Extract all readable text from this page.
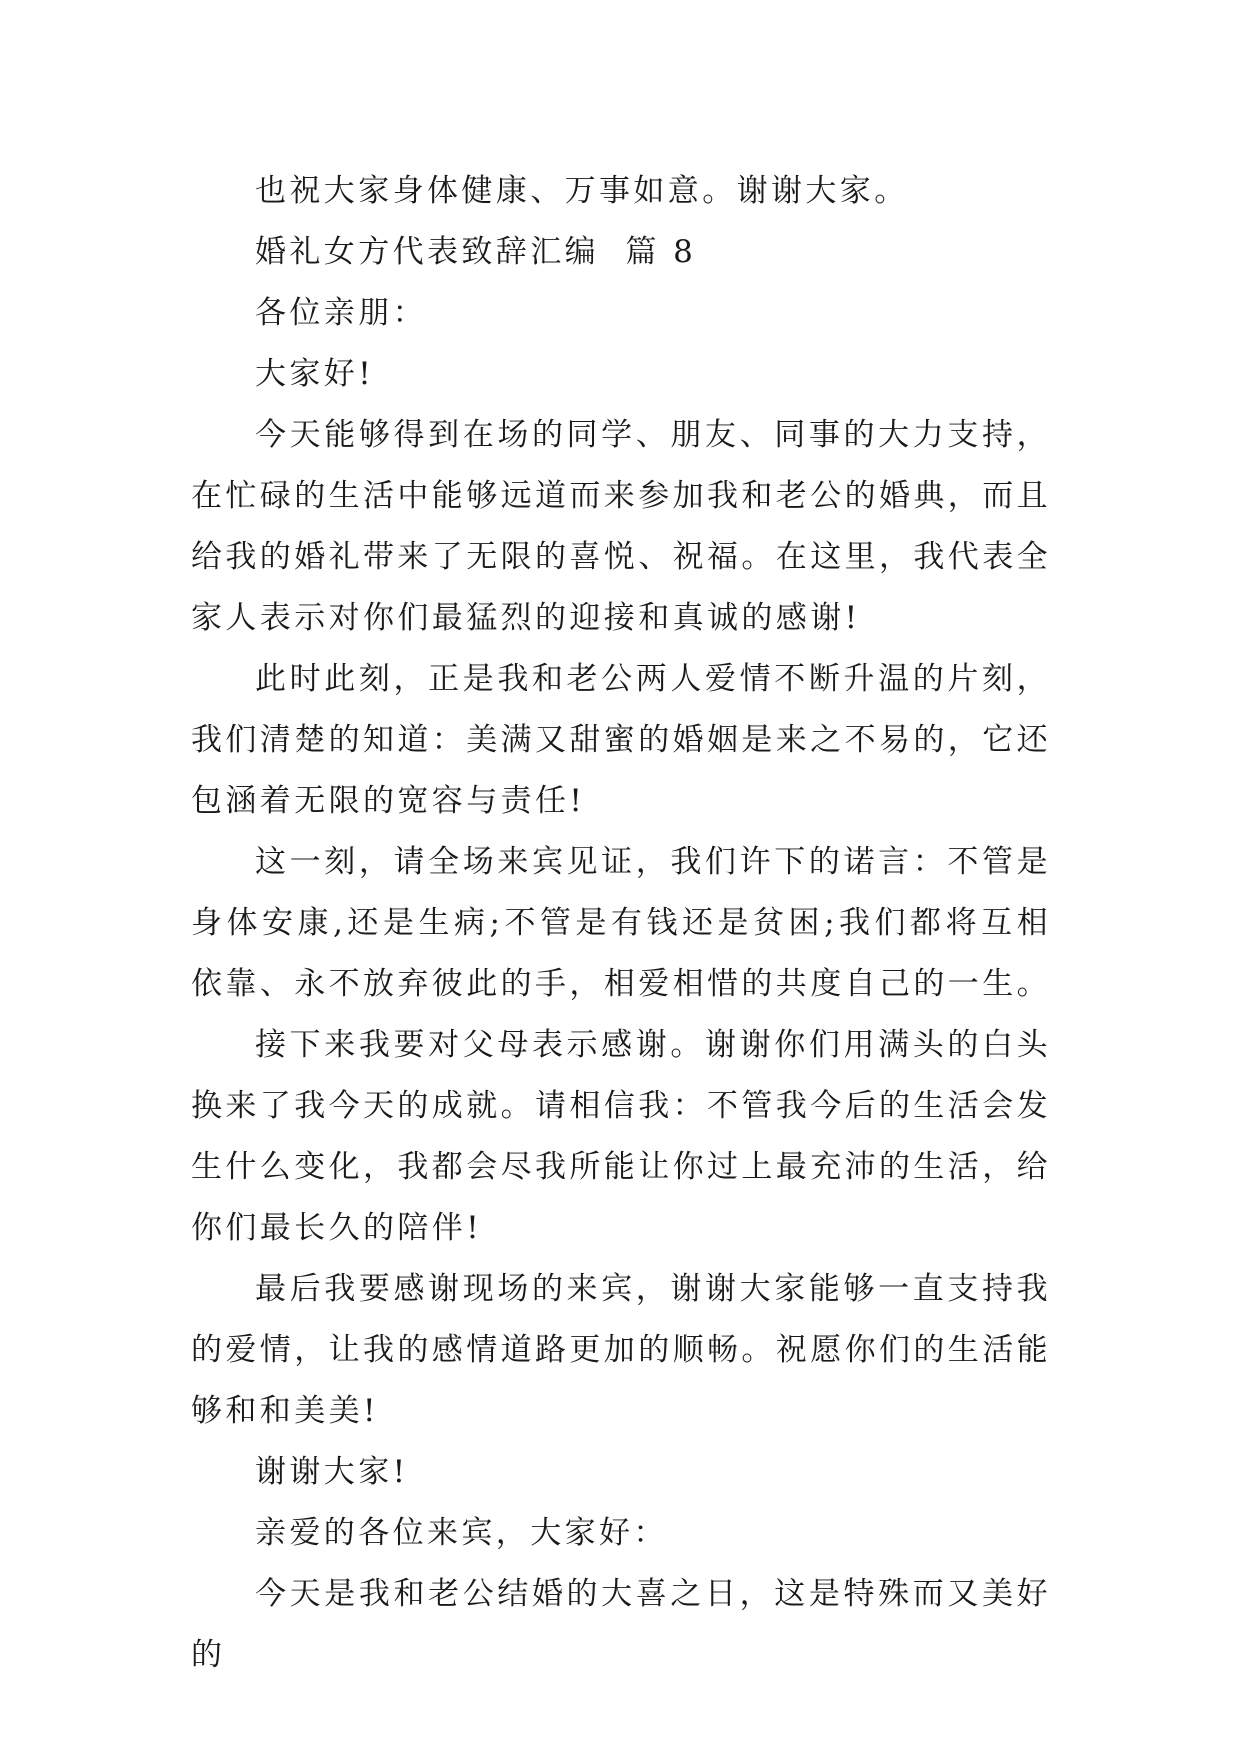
也祝大家身体健康、万事如意。谢谢大家。

婚礼女方代表致辞汇编  篇 8

各位亲朋：

大家好!

今天能够得到在场的同学、朋友、同事的大力支持，在忙碌的生活中能够远道而来参加我和老公的婚典，而且给我的婚礼带来了无限的喜悦、祝福。在这里，我代表全家人表示对你们最猛烈的迎接和真诚的感谢!

此时此刻，正是我和老公两人爱情不断升温的片刻，我们清楚的知道：美满又甜蜜的婚姻是来之不易的，它还包涵着无限的宽容与责任!

这一刻，请全场来宾见证，我们许下的诺言：不管是身体安康,还是生病;不管是有钱还是贫困;我们都将互相依靠、永不放弃彼此的手，相爱相惜的共度自己的一生。

接下来我要对父母表示感谢。谢谢你们用满头的白头换来了我今天的成就。请相信我：不管我今后的生活会发生什么变化，我都会尽我所能让你过上最充沛的生活，给你们最长久的陪伴!

最后我要感谢现场的来宾，谢谢大家能够一直支持我的爱情，让我的感情道路更加的顺畅。祝愿你们的生活能够和和美美!

谢谢大家!

亲爱的各位来宾，大家好：

今天是我和老公结婚的大喜之日，这是特殊而又美好的
